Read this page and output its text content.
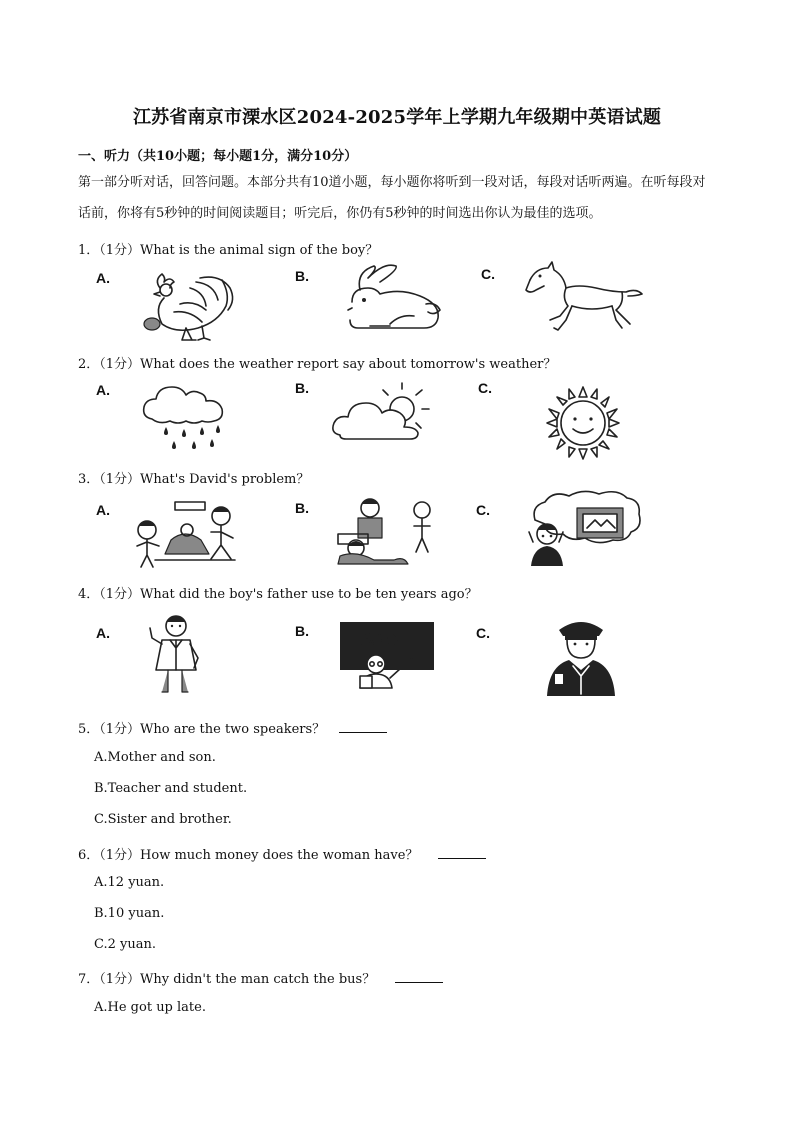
江苏省南京市溧水区2024-2025学年上学期九年级期中英语试题
一、听力（共10小题；每小题1分，满分10分）
第一部分听对话，回答问题。本部分共有10道小题，每小题你将听到一段对话，每段对话听两遍。在听每段对话前，你将有5秒钟的时间阅读题目；听完后，你仍有5秒钟的时间选出你认为最佳的选项。
1．（1分）What is the animal sign of the boy？
A.	B.	C.
2．（1分）What does the weather report say about tomorrow's weather？
A.	B.	C.
3．（1分）What's David's problem？
A.	B.	C.
4．（1分）What did the boy's father use to be ten years ago？
A.	B.	C.
ABC
5．（1分）Who are the two speakers？
A.Mother and son.
B.Teacher and student.
C.Sister and brother.
6．（1分）How much money does the woman have？
A.12 yuan.
B.10 yuan.
C.2 yuan.
7．（1分）Why didn't the man catch the bus？
A.He got up late.
